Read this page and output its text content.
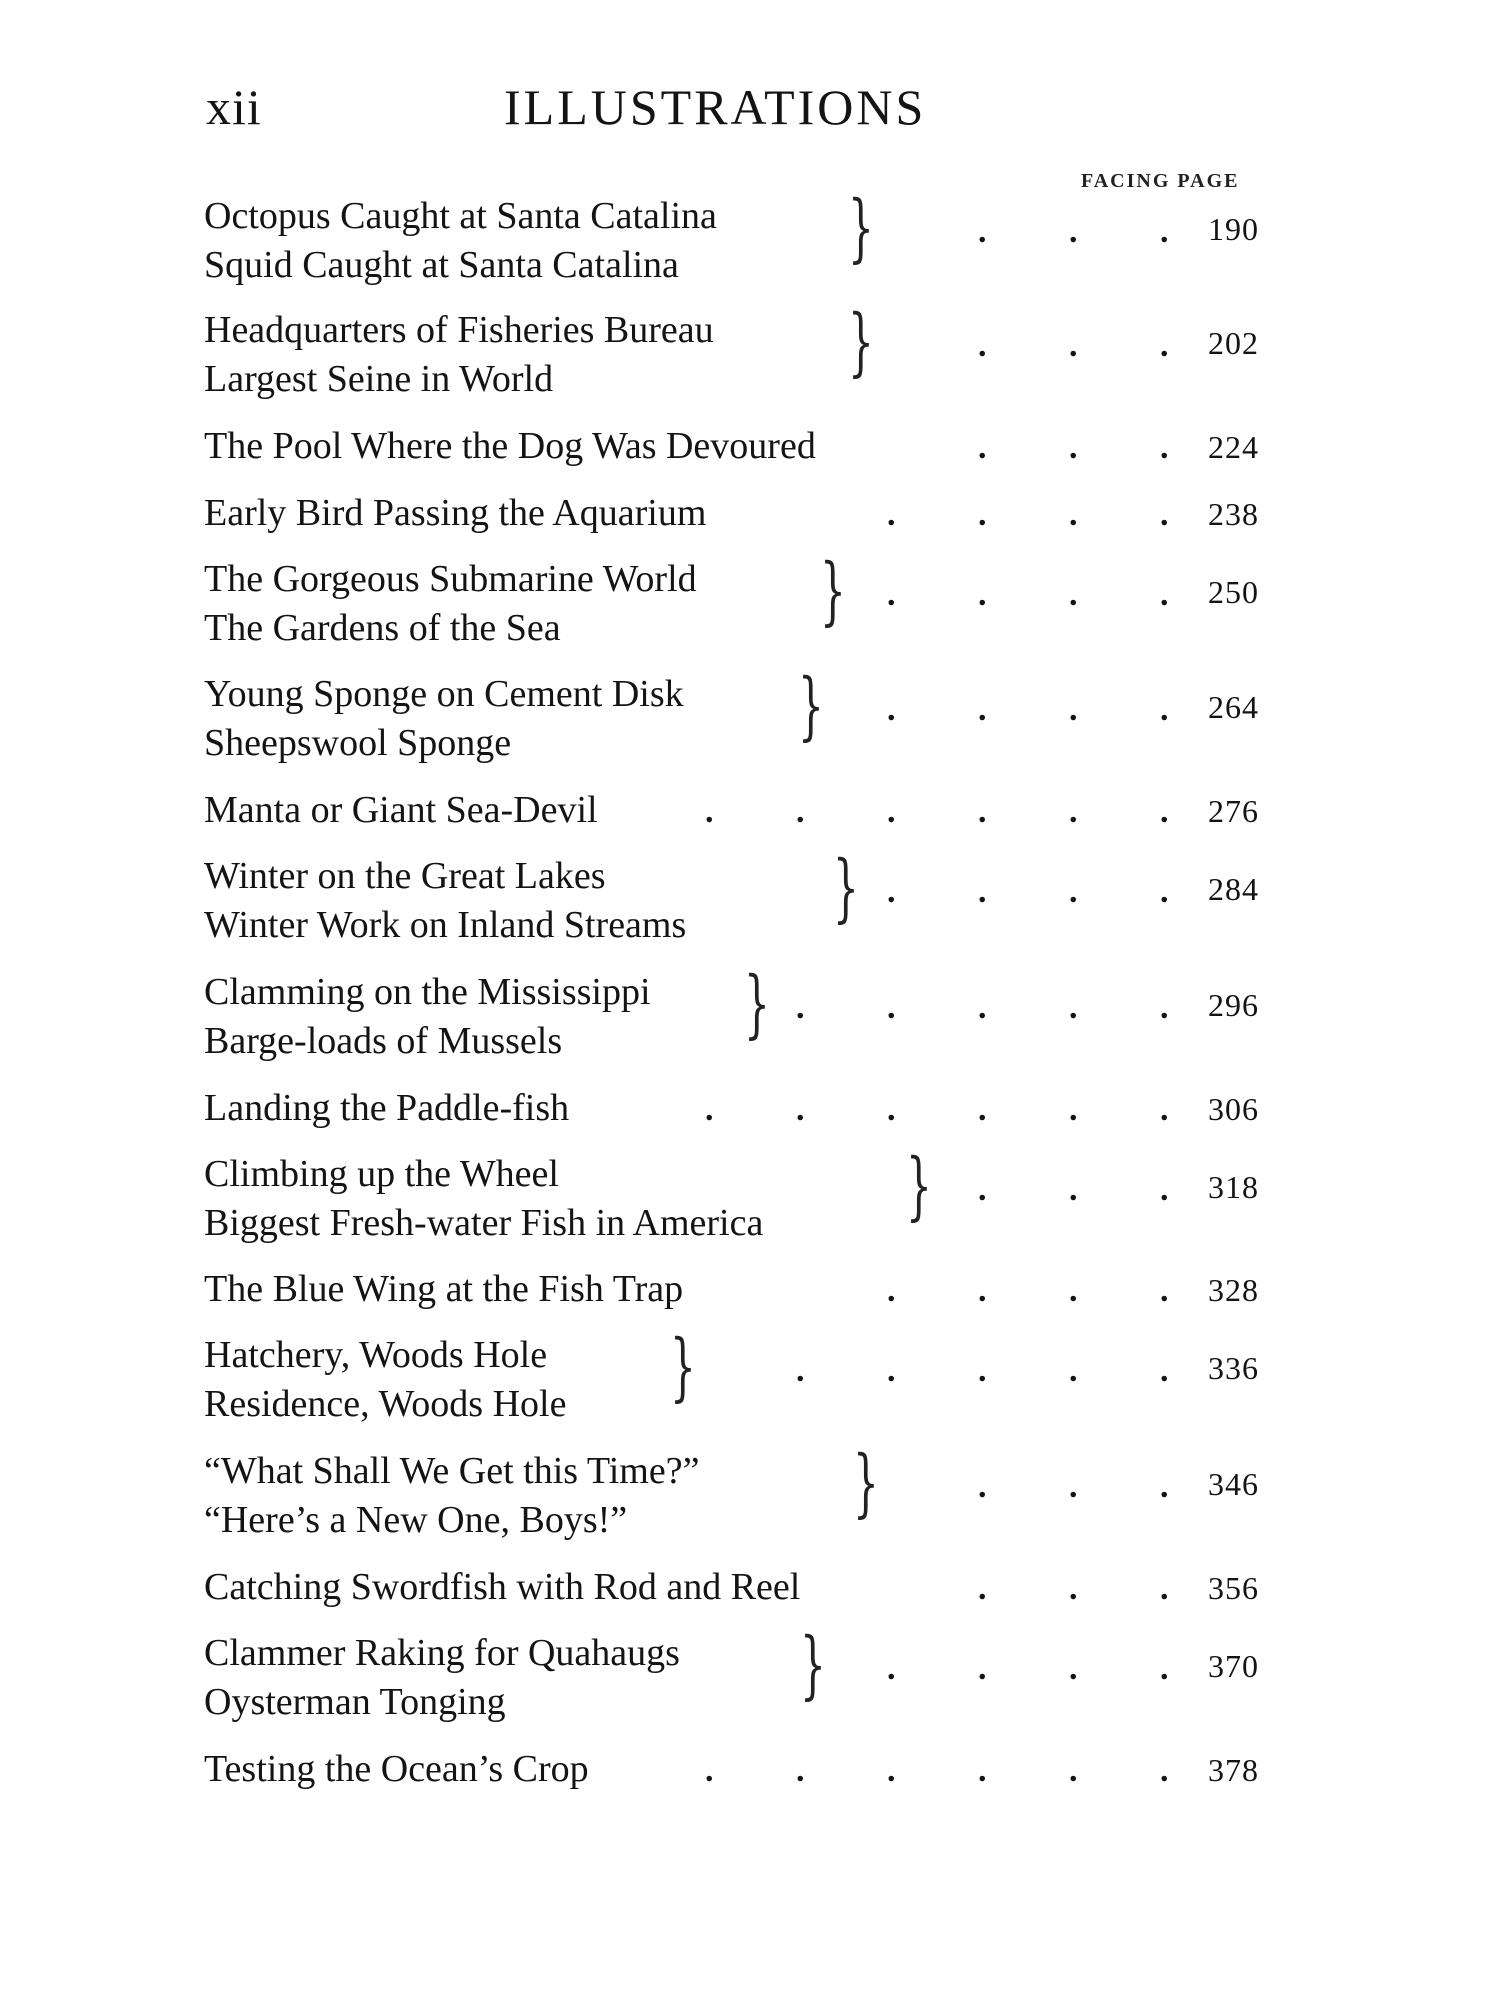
xii	ILLUSTRATIONS
FACING PAGE
Octopus Caught at Santa Catalina
Squid Caught at Santa Catalina }	.
.
.	190
Headquarters of Fisheries Bureau
Largest Seine in World	}	.
.
.	202
The Pool Where the Dog Was Devoured	.
.
.	224
Early Bird Passing the Aquarium	.
.
.
.	238
The Gorgeous Submarine World
The Gardens of the Sea	}	.
.
.
.	250
Young Sponge on Cement Disk
Sheepswool Sponge	}	.
.
.
.	264
Manta or Giant Sea-Devil	.
.
.
.
.
.	276
Winter on the Great Lakes
Winter Work on Inland Streams }	.
.
.
.	284
Clamming on the Mississippi
Barge-loads of Mussels }	.
.
.
.
.	296
Landing the Paddle-fish	.
.
.
.
.
.	306
Climbing up the Wheel
Biggest Fresh-water Fish in America }	.
.
.	318
The Blue Wing at the Fish Trap	.
.
.
.	328
Hatchery, Woods Hole
Residence, Woods Hole }	.
.
.
.
.	336
“What Shall We Get this Time?”
“Here’s a New One, Boys!”	}	.
.
.	346
Catching Swordfish with Rod and Reel	.
.
.	356
Clammer Raking for Quahaugs
Oysterman Tonging	}	.
.
.
.	370
Testing the Ocean’s Crop	.
.
.
.
.
.	378
